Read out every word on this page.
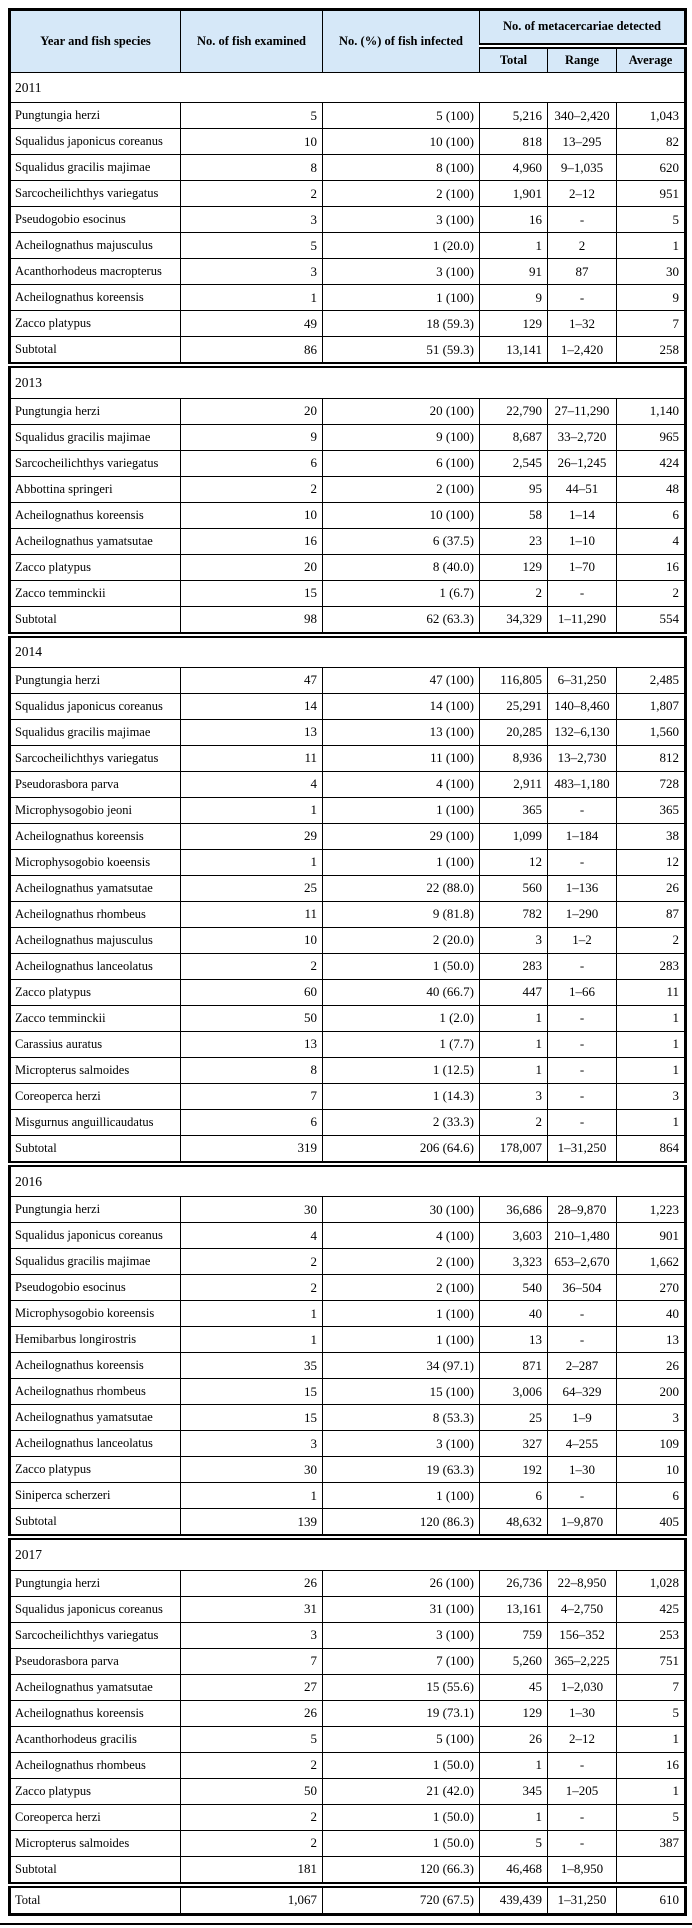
Year and fish species	No. of fish examined	No. (%) of fish infected	No. of metacercariae detected		
			Total	Range	Average
2011					
Pungtungia herzi	5	5 (100)	5,216	340–2,420	1,043
Squalidus japonicus coreanus	10	10 (100)	818	13–295	82
Squalidus gracilis majimae	8	8 (100)	4,960	9–1,035	620
Sarcocheilichthys variegatus	2	2 (100)	1,901	2–12	951
Pseudogobio esocinus	3	3 (100)	16	-	5
Acheilognathus majusculus	5	1 (20.0)	1	2	1
Acanthorhodeus macropterus	3	3 (100)	91	87	30
Acheilognathus koreensis	1	1 (100)	9	-	9
Zacco platypus	49	18 (59.3)	129	1–32	7
Subtotal	86	51 (59.3)	13,141	1–2,420	258
2013					
Pungtungia herzi	20	20 (100)	22,790	27–11,290	1,140
Squalidus gracilis majimae	9	9 (100)	8,687	33–2,720	965
Sarcocheilichthys variegatus	6	6 (100)	2,545	26–1,245	424
Abbottina springeri	2	2 (100)	95	44–51	48
Acheilognathus koreensis	10	10 (100)	58	1–14	6
Acheilognathus yamatsutae	16	6 (37.5)	23	1–10	4
Zacco platypus	20	8 (40.0)	129	1–70	16
Zacco temminckii	15	1 (6.7)	2	-	2
Subtotal	98	62 (63.3)	34,329	1–11,290	554
2014					
Pungtungia herzi	47	47 (100)	116,805	6–31,250	2,485
Squalidus japonicus coreanus	14	14 (100)	25,291	140–8,460	1,807
Squalidus gracilis majimae	13	13 (100)	20,285	132–6,130	1,560
Sarcocheilichthys variegatus	11	11 (100)	8,936	13–2,730	812
Pseudorasbora parva	4	4 (100)	2,911	483–1,180	728
Microphysogobio jeoni	1	1 (100)	365	-	365
Acheilognathus koreensis	29	29 (100)	1,099	1–184	38
Microphysogobio koeensis	1	1 (100)	12	-	12
Acheilognathus yamatsutae	25	22 (88.0)	560	1–136	26
Acheilognathus rhombeus	11	9 (81.8)	782	1–290	87
Acheilognathus majusculus	10	2 (20.0)	3	1–2	2
Acheilognathus lanceolatus	2	1 (50.0)	283	-	283
Zacco platypus	60	40 (66.7)	447	1–66	11
Zacco temminckii	50	1 (2.0)	1	-	1
Carassius auratus	13	1 (7.7)	1	-	1
Micropterus salmoides	8	1 (12.5)	1	-	1
Coreoperca herzi	7	1 (14.3)	3	-	3
Misgurnus anguillicaudatus	6	2 (33.3)	2	-	1
Subtotal	319	206 (64.6)	178,007	1–31,250	864
2016					
Pungtungia herzi	30	30 (100)	36,686	28–9,870	1,223
Squalidus japonicus coreanus	4	4 (100)	3,603	210–1,480	901
Squalidus gracilis majimae	2	2 (100)	3,323	653–2,670	1,662
Pseudogobio esocinus	2	2 (100)	540	36–504	270
Microphysogobio koreensis	1	1 (100)	40	-	40
Hemibarbus longirostris	1	1 (100)	13	-	13
Acheilognathus koreensis	35	34 (97.1)	871	2–287	26
Acheilognathus rhombeus	15	15 (100)	3,006	64–329	200
Acheilognathus yamatsutae	15	8 (53.3)	25	1–9	3
Acheilognathus lanceolatus	3	3 (100)	327	4–255	109
Zacco platypus	30	19 (63.3)	192	1–30	10
Siniperca scherzeri	1	1 (100)	6	-	6
Subtotal	139	120 (86.3)	48,632	1–9,870	405
2017					
Pungtungia herzi	26	26 (100)	26,736	22–8,950	1,028
Squalidus japonicus coreanus	31	31 (100)	13,161	4–2,750	425
Sarcocheilichthys variegatus	3	3 (100)	759	156–352	253
Pseudorasbora parva	7	7 (100)	5,260	365–2,225	751
Acheilognathus yamatsutae	27	15 (55.6)	45	1–2,030	7
Acheilognathus koreensis	26	19 (73.1)	129	1–30	5
Acanthorhodeus gracilis	5	5 (100)	26	2–12	1
Acheilognathus rhombeus	2	1 (50.0)	1	-	16
Zacco platypus	50	21 (42.0)	345	1–205	1
Coreoperca herzi	2	1 (50.0)	1	-	5
Micropterus salmoides	2	1 (50.0)	5	-	387
Subtotal	181	120 (66.3)	46,468	1–8,950	
Total	1,067	720 (67.5)	439,439	1–31,250	610
